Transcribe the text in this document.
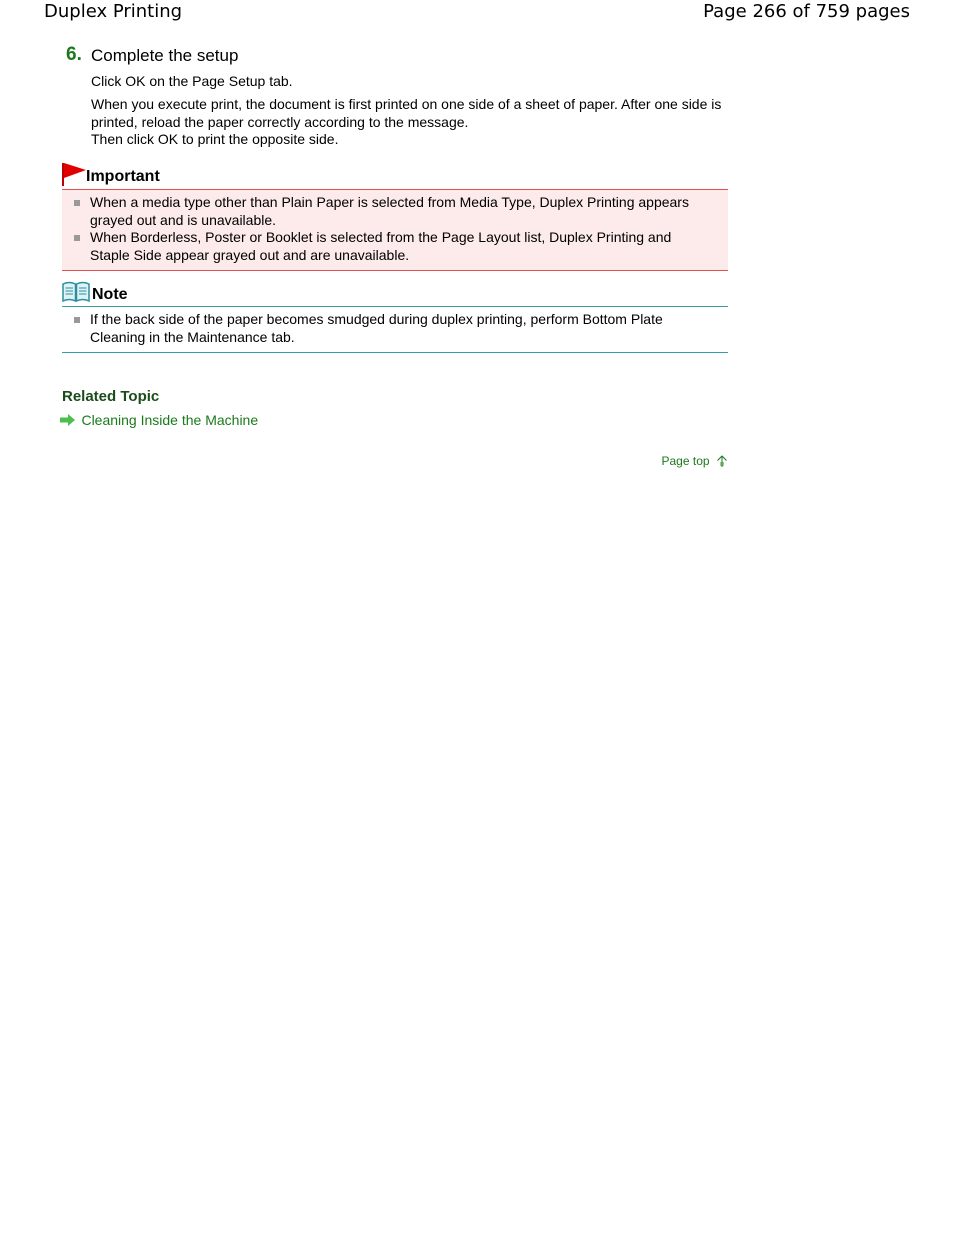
Duplex Printing	Page 266 of 759 pages
6. Complete the setup
Click OK on the Page Setup tab.
When you execute print, the document is first printed on one side of a sheet of paper. After one side is printed, reload the paper correctly according to the message.
Then click OK to print the opposite side.
Important
When a media type other than Plain Paper is selected from Media Type, Duplex Printing appears grayed out and is unavailable.
When Borderless, Poster or Booklet is selected from the Page Layout list, Duplex Printing and Staple Side appear grayed out and are unavailable.
Note
If the back side of the paper becomes smudged during duplex printing, perform Bottom Plate Cleaning in the Maintenance tab.
Related Topic
Cleaning Inside the Machine
Page top
